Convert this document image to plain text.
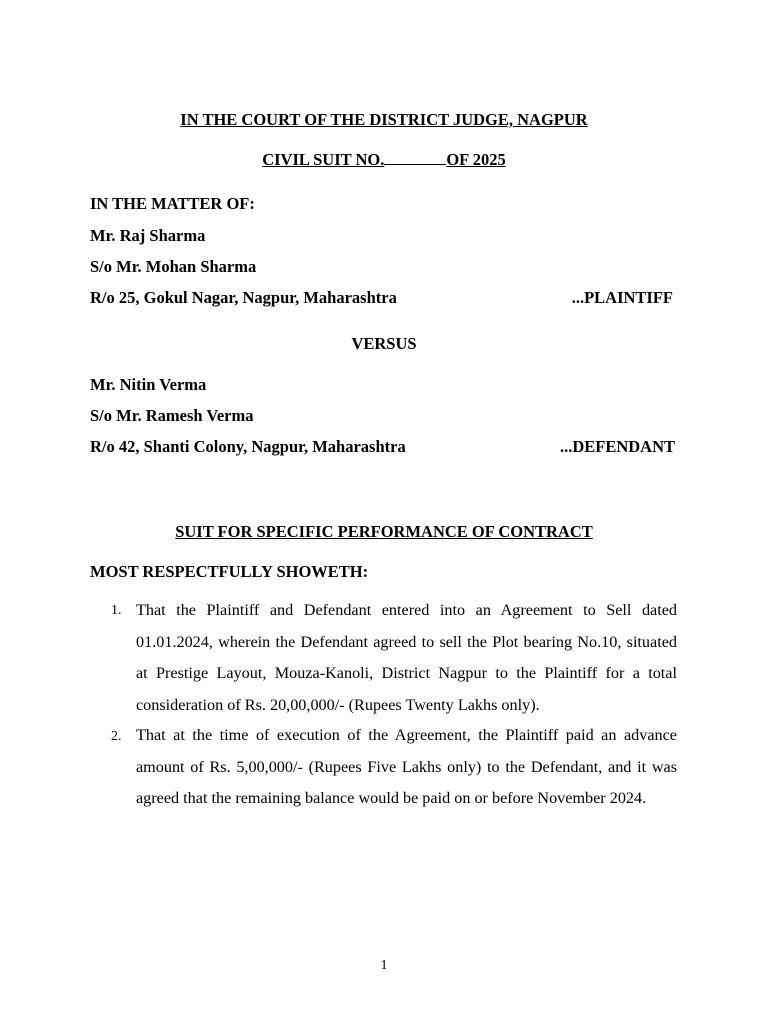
IN THE COURT OF THE DISTRICT JUDGE, NAGPUR
CIVIL SUIT NO.	OF 2025
IN THE MATTER OF:
Mr. Raj Sharma
S/o Mr. Mohan Sharma
R/o 25, Gokul Nagar, Nagpur, Maharashtra	...PLAINTIFF
VERSUS
Mr. Nitin Verma
S/o Mr. Ramesh Verma
R/o 42, Shanti Colony, Nagpur, Maharashtra	...DEFENDANT
SUIT FOR SPECIFIC PERFORMANCE OF CONTRACT
MOST RESPECTFULLY SHOWETH:
1. That the Plaintiff and Defendant entered into an Agreement to Sell dated 01.01.2024, wherein the Defendant agreed to sell the Plot bearing No.10, situated at Prestige Layout, Mouza-Kanoli, District Nagpur to the Plaintiff for a total consideration of Rs. 20,00,000/- (Rupees Twenty Lakhs only).
2. That at the time of execution of the Agreement, the Plaintiff paid an advance amount of Rs. 5,00,000/- (Rupees Five Lakhs only) to the Defendant, and it was agreed that the remaining balance would be paid on or before November 2024.
1
